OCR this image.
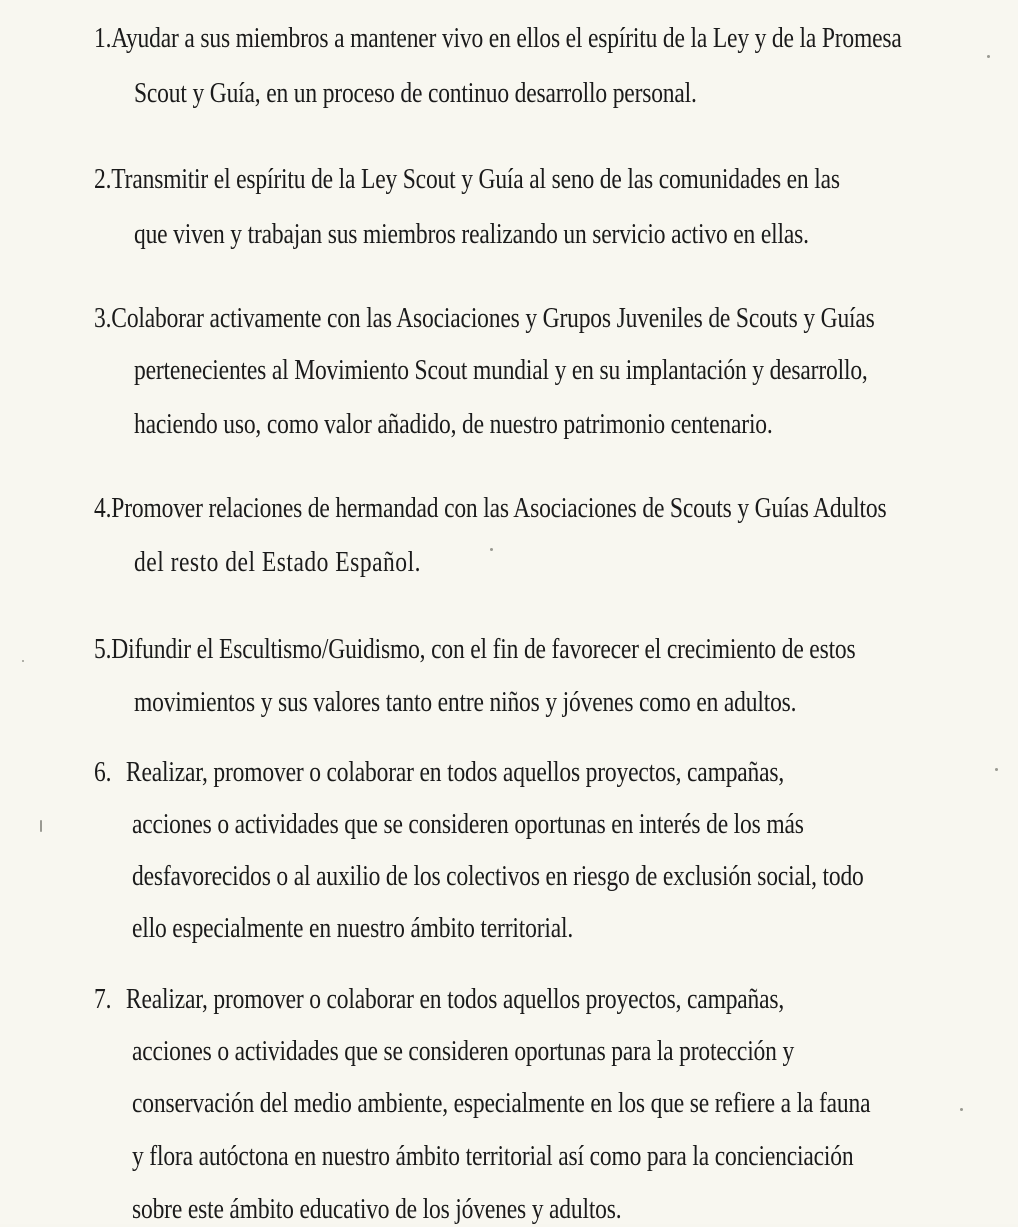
1.Ayudar a sus miembros a mantener vivo en ellos el espíritu de la Ley y de la Promesa
Scout y Guía, en un proceso de continuo desarrollo personal.
2.Transmitir el espíritu de la Ley Scout y Guía al seno de las comunidades en las
que viven y trabajan sus miembros realizando un servicio activo en ellas.
3.Colaborar activamente con las Asociaciones y Grupos Juveniles de Scouts y Guías
pertenecientes al Movimiento Scout mundial y en su implantación y desarrollo,
haciendo uso, como valor añadido, de nuestro patrimonio centenario.
4.Promover relaciones de hermandad con las Asociaciones de Scouts y Guías Adultos
del resto del Estado Español.
5.Difundir el Escultismo/Guidismo, con el fin de favorecer el crecimiento de estos
movimientos y sus valores tanto entre niños y jóvenes como en adultos.
6. Realizar, promover o colaborar en todos aquellos proyectos, campañas,
acciones o actividades que se consideren oportunas en interés de los más
desfavorecidos o al auxilio de los colectivos en riesgo de exclusión social, todo
ello especialmente en nuestro ámbito territorial.
7. Realizar, promover o colaborar en todos aquellos proyectos, campañas,
acciones o actividades que se consideren oportunas para la protección y
conservación del medio ambiente, especialmente en los que se refiere a la fauna
y flora autóctona en nuestro ámbito territorial así como para la concienciación
sobre este ámbito educativo de los jóvenes y adultos.
